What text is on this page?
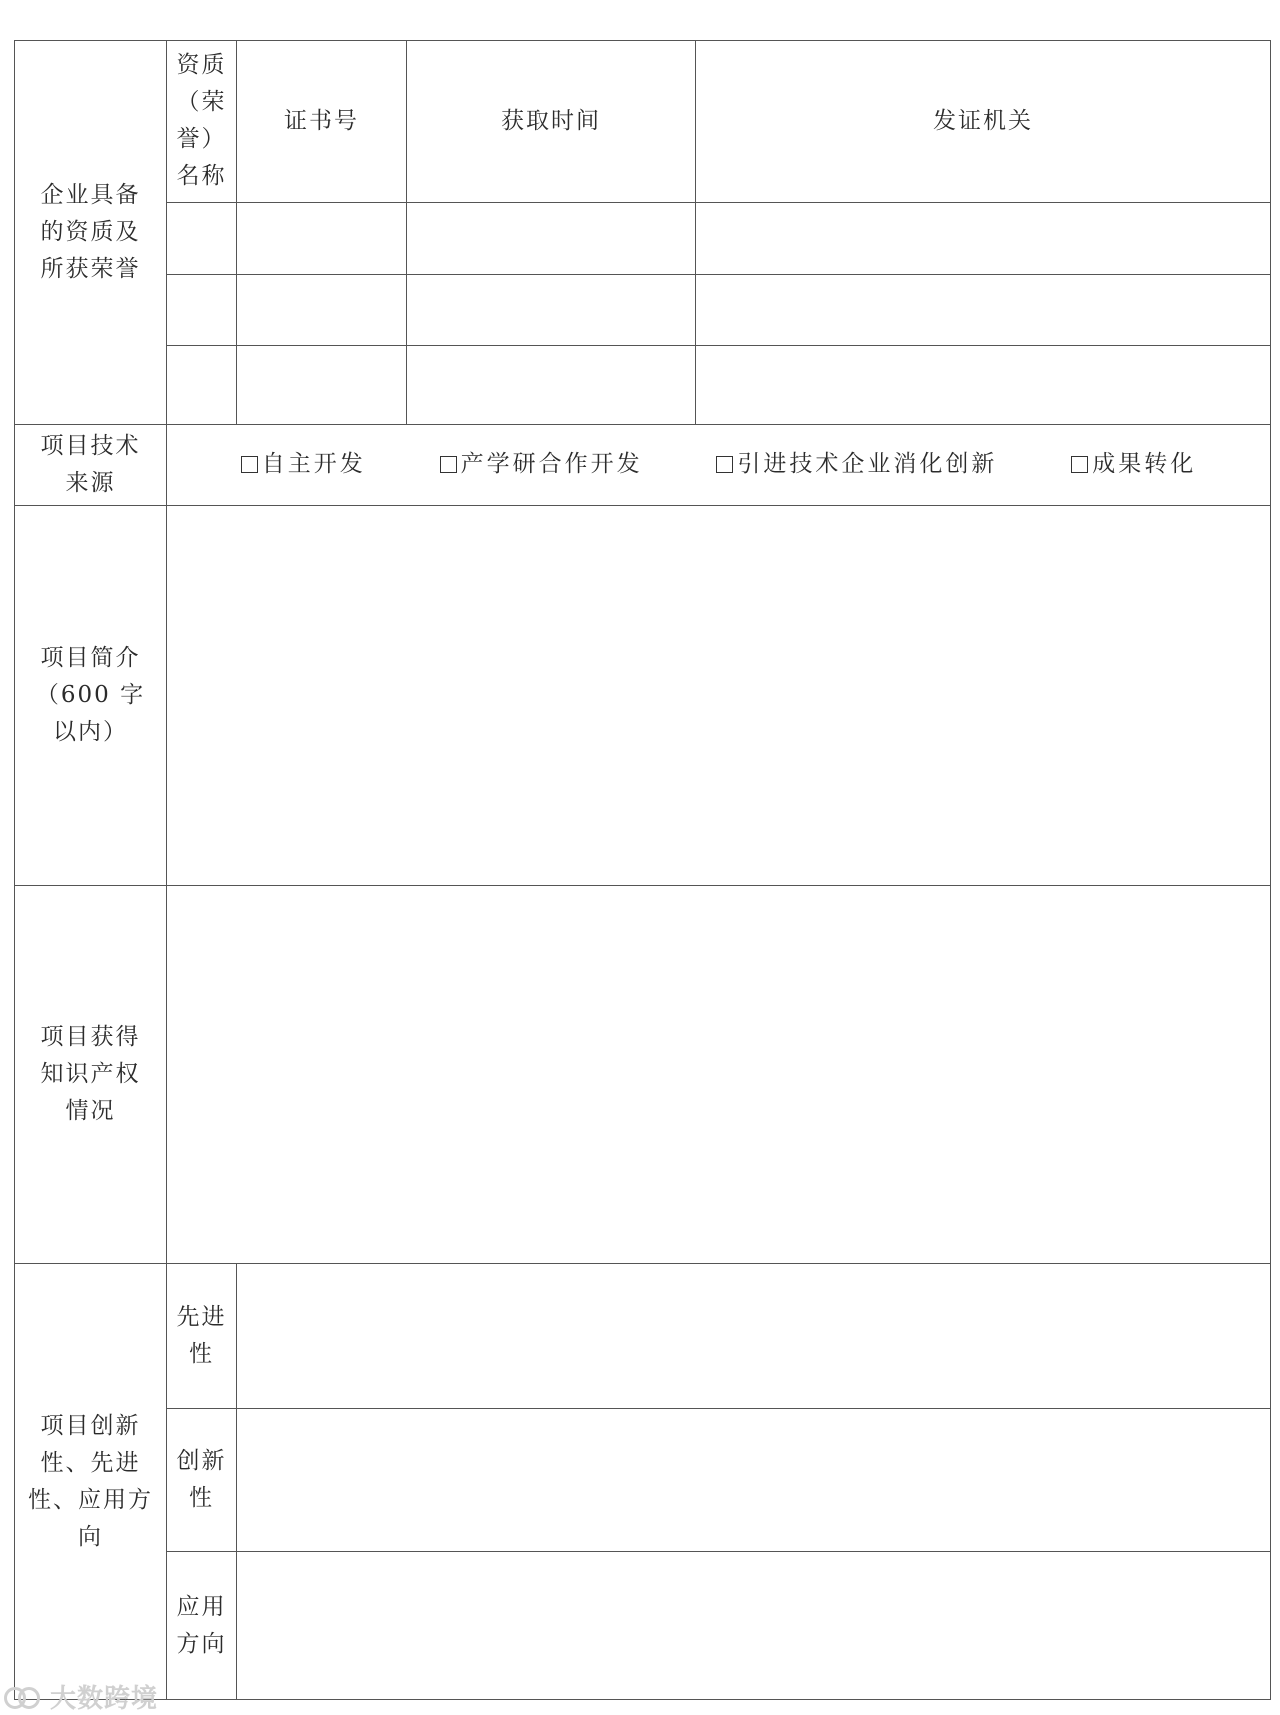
企业具备的资质及所获荣誉	资质（荣誉）名称	证书号	获取时间	发证机关

项目技术来源	自主开发 产学研合作开发 引进技术企业消化创新 成果转化			

项目简介（600 字以内）				
项目获得知识产权情况				
项目创新性、先进性、应用方向	先进性			
	创新性			
	应用方向			
大数跨境
